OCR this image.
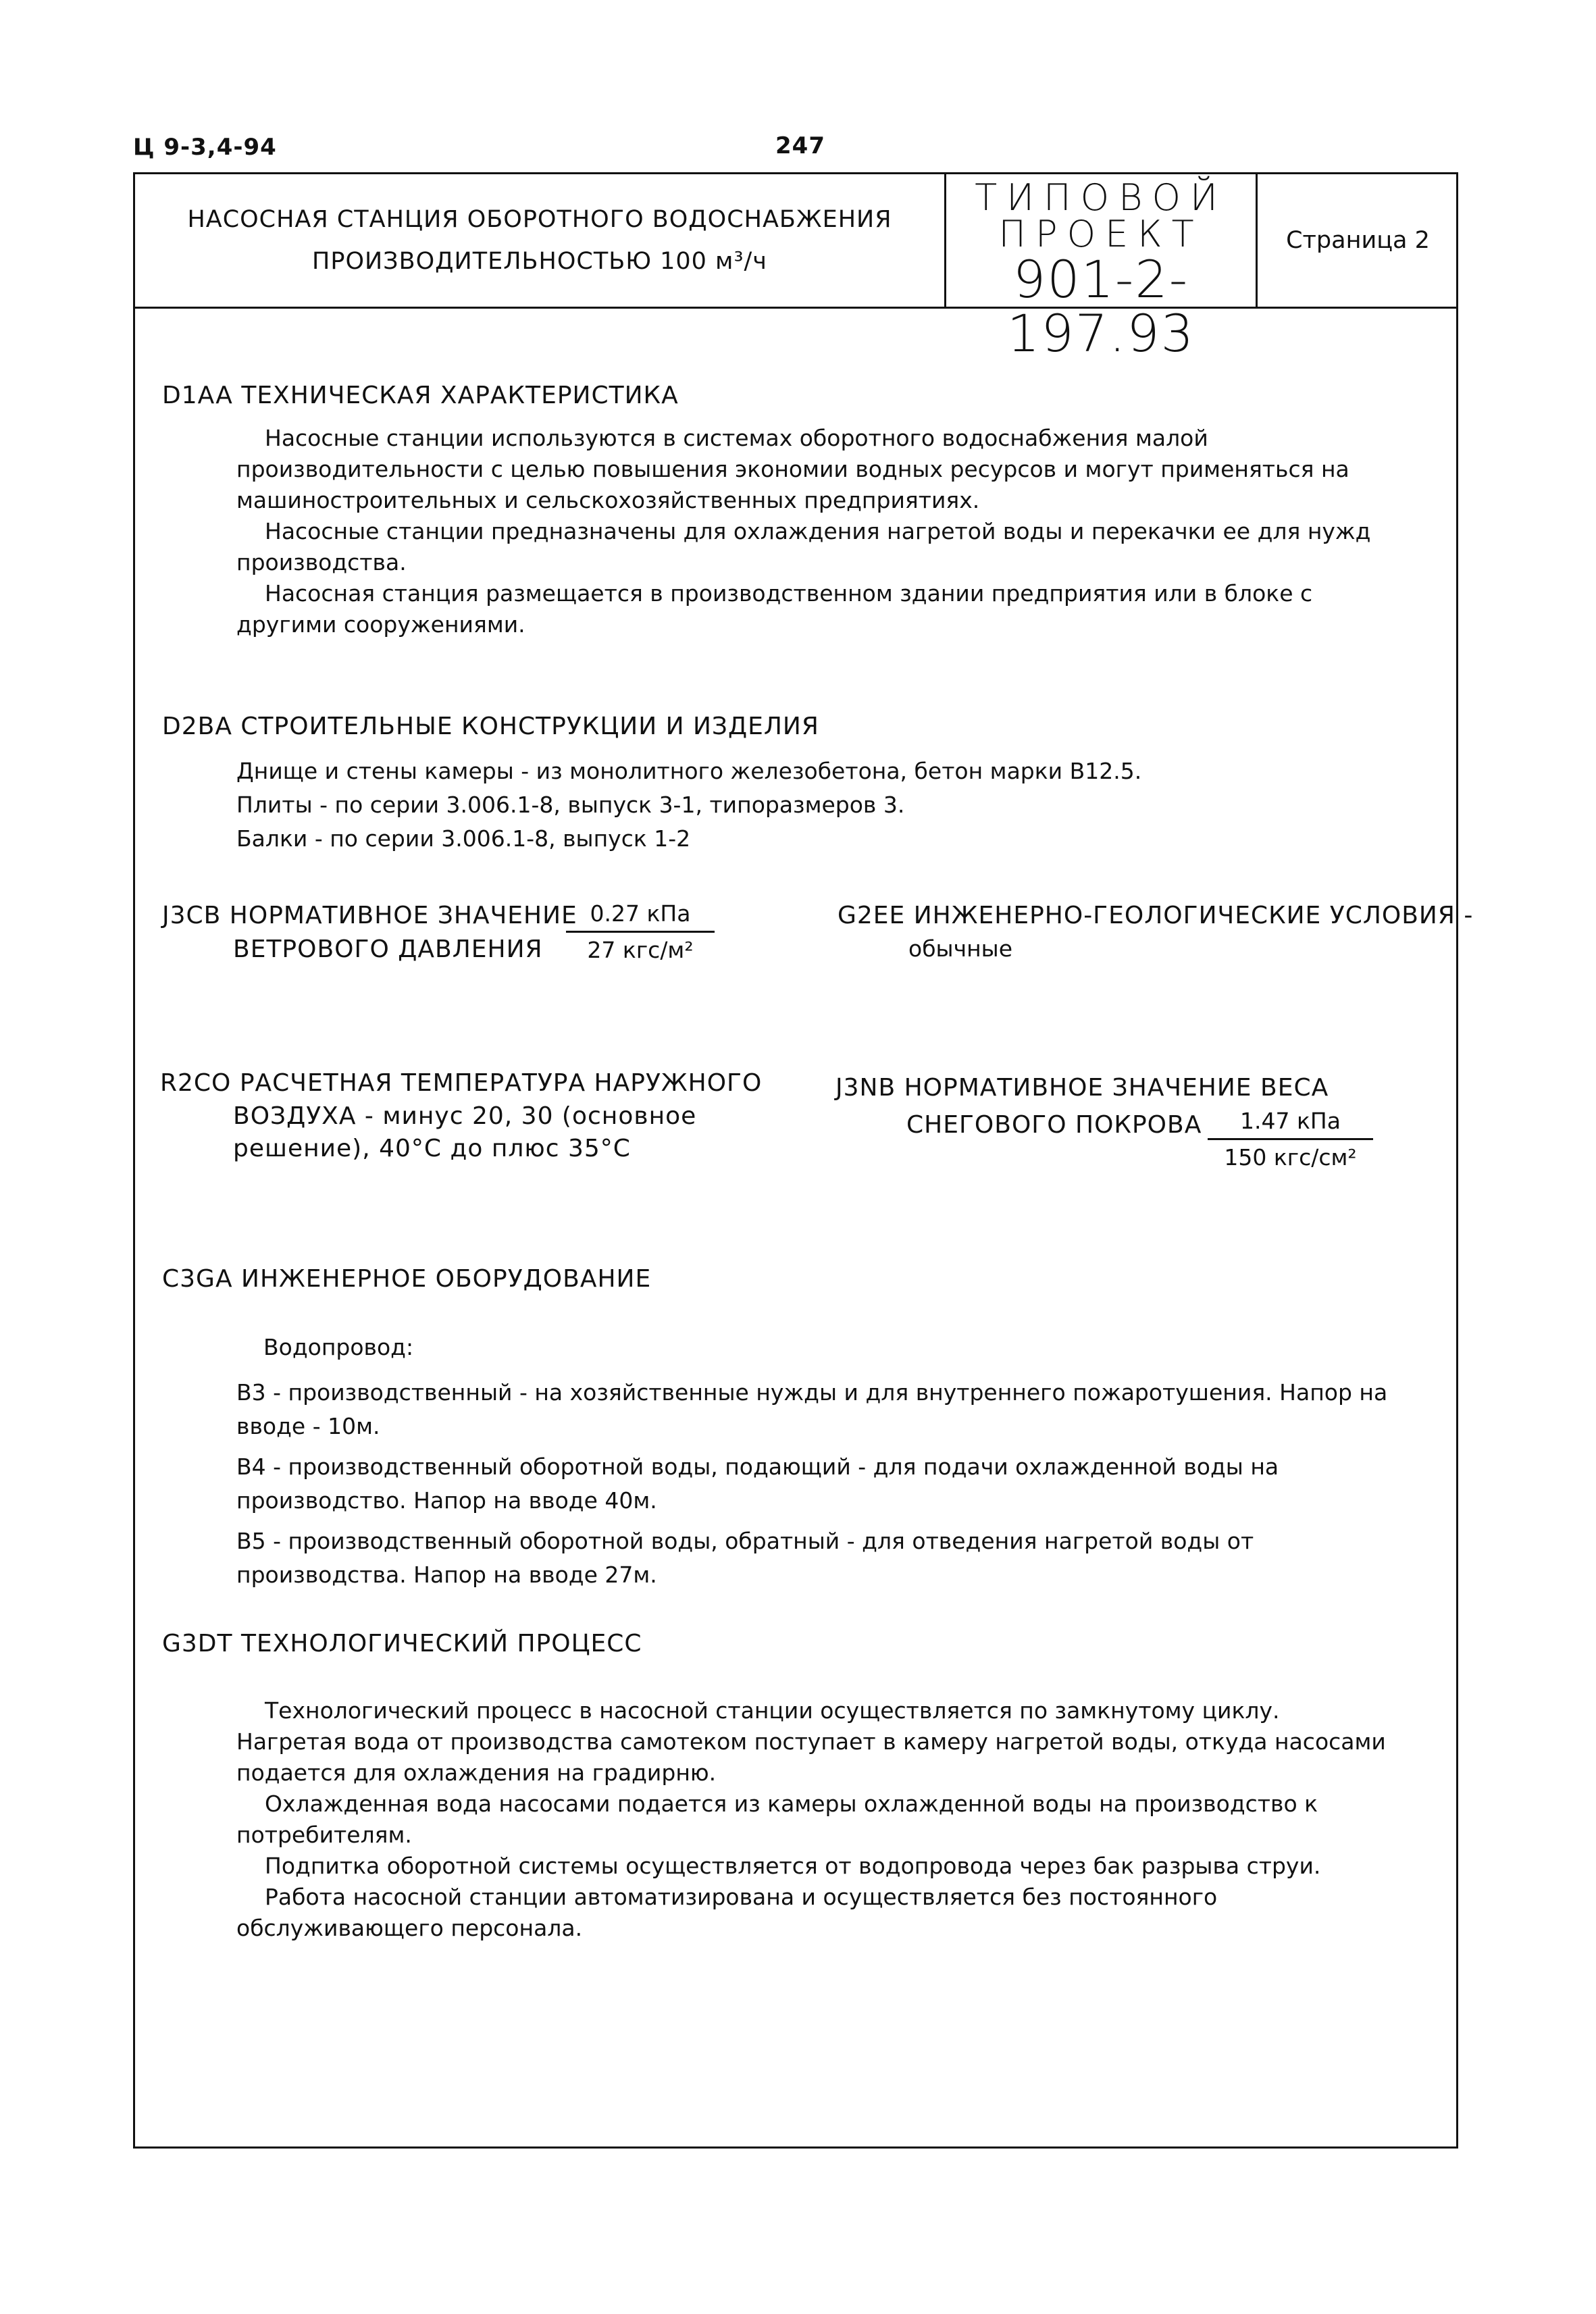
Ц 9-3,4-94	247
НАСОСНАЯ СТАНЦИЯ ОБОРОТНОГО ВОДОСНАБЖЕНИЯ
ПРОИЗВОДИТЕЛЬНОСТЬЮ 100 м³/ч
ТИПОВОЙ
ПРОЕКТ
901-2-197.93
Страница 2
D1AA ТЕХНИЧЕСКАЯ ХАРАКТЕРИСТИКА

Насосные станции используются в системах оборотного водоснабжения малой производительности с целью повышения экономии водных ресурсов и могут применяться на машиностроительных и сельскохозяйственных предприятиях.

Насосные станции предназначены для охлаждения нагретой воды и перекачки ее для нужд производства.

Насосная станция размещается в производственном здании предприятия или в блоке с другими сооружениями.

D2BA СТРОИТЕЛЬНЫЕ КОНСТРУКЦИИ И ИЗДЕЛИЯ

Днище и стены камеры - из монолитного железобетона, бетон марки В12.5.

Плиты - по серии 3.006.1-8, выпуск 3-1, типоразмеров 3.

Балки - по серии 3.006.1-8, выпуск 1-2

J3CB НОРМАТИВНОЕ ЗНАЧЕНИЕ
ВЕТРОВОГО ДАВЛЕНИЯ
0.27 кПа
27 кгс/м²
G2EE ИНЖЕНЕРНО-ГЕОЛОГИЧЕСКИЕ УСЛОВИЯ -
обычные
R2CO РАСЧЕТНАЯ ТЕМПЕРАТУРА НАРУЖНОГО
ВОЗДУХА - минус 20, 30 (основное
решение), 40°С до плюс 35°С
J3NB НОРМАТИВНОЕ ЗНАЧЕНИЕ ВЕСА
СНЕГОВОГО ПОКРОВА	1.47 кПа
150 кгс/см²
C3GA ИНЖЕНЕРНОЕ ОБОРУДОВАНИЕ
Водопровод:

В3 - производственный - на хозяйственные нужды и для внутреннего пожаротушения. Напор на вводе - 10м.

В4 - производственный оборотной воды, подающий - для подачи охлажденной воды на производство. Напор на вводе 40м.

В5 - производственный оборотной воды, обратный - для отведения нагретой воды от производства. Напор на вводе 27м.

G3DT ТЕХНОЛОГИЧЕСКИЙ ПРОЦЕСС

Технологический процесс в насосной станции осуществляется по замкнутому циклу.

Нагретая вода от производства самотеком поступает в камеру нагретой воды, откуда насосами подается для охлаждения на градирню.

Охлажденная вода насосами подается из камеры охлажденной воды на производство к потребителям.

Подпитка оборотной системы осуществляется от водопровода через бак разрыва струи.

Работа насосной станции автоматизирована и осуществляется без постоянного обслуживающего персонала.
